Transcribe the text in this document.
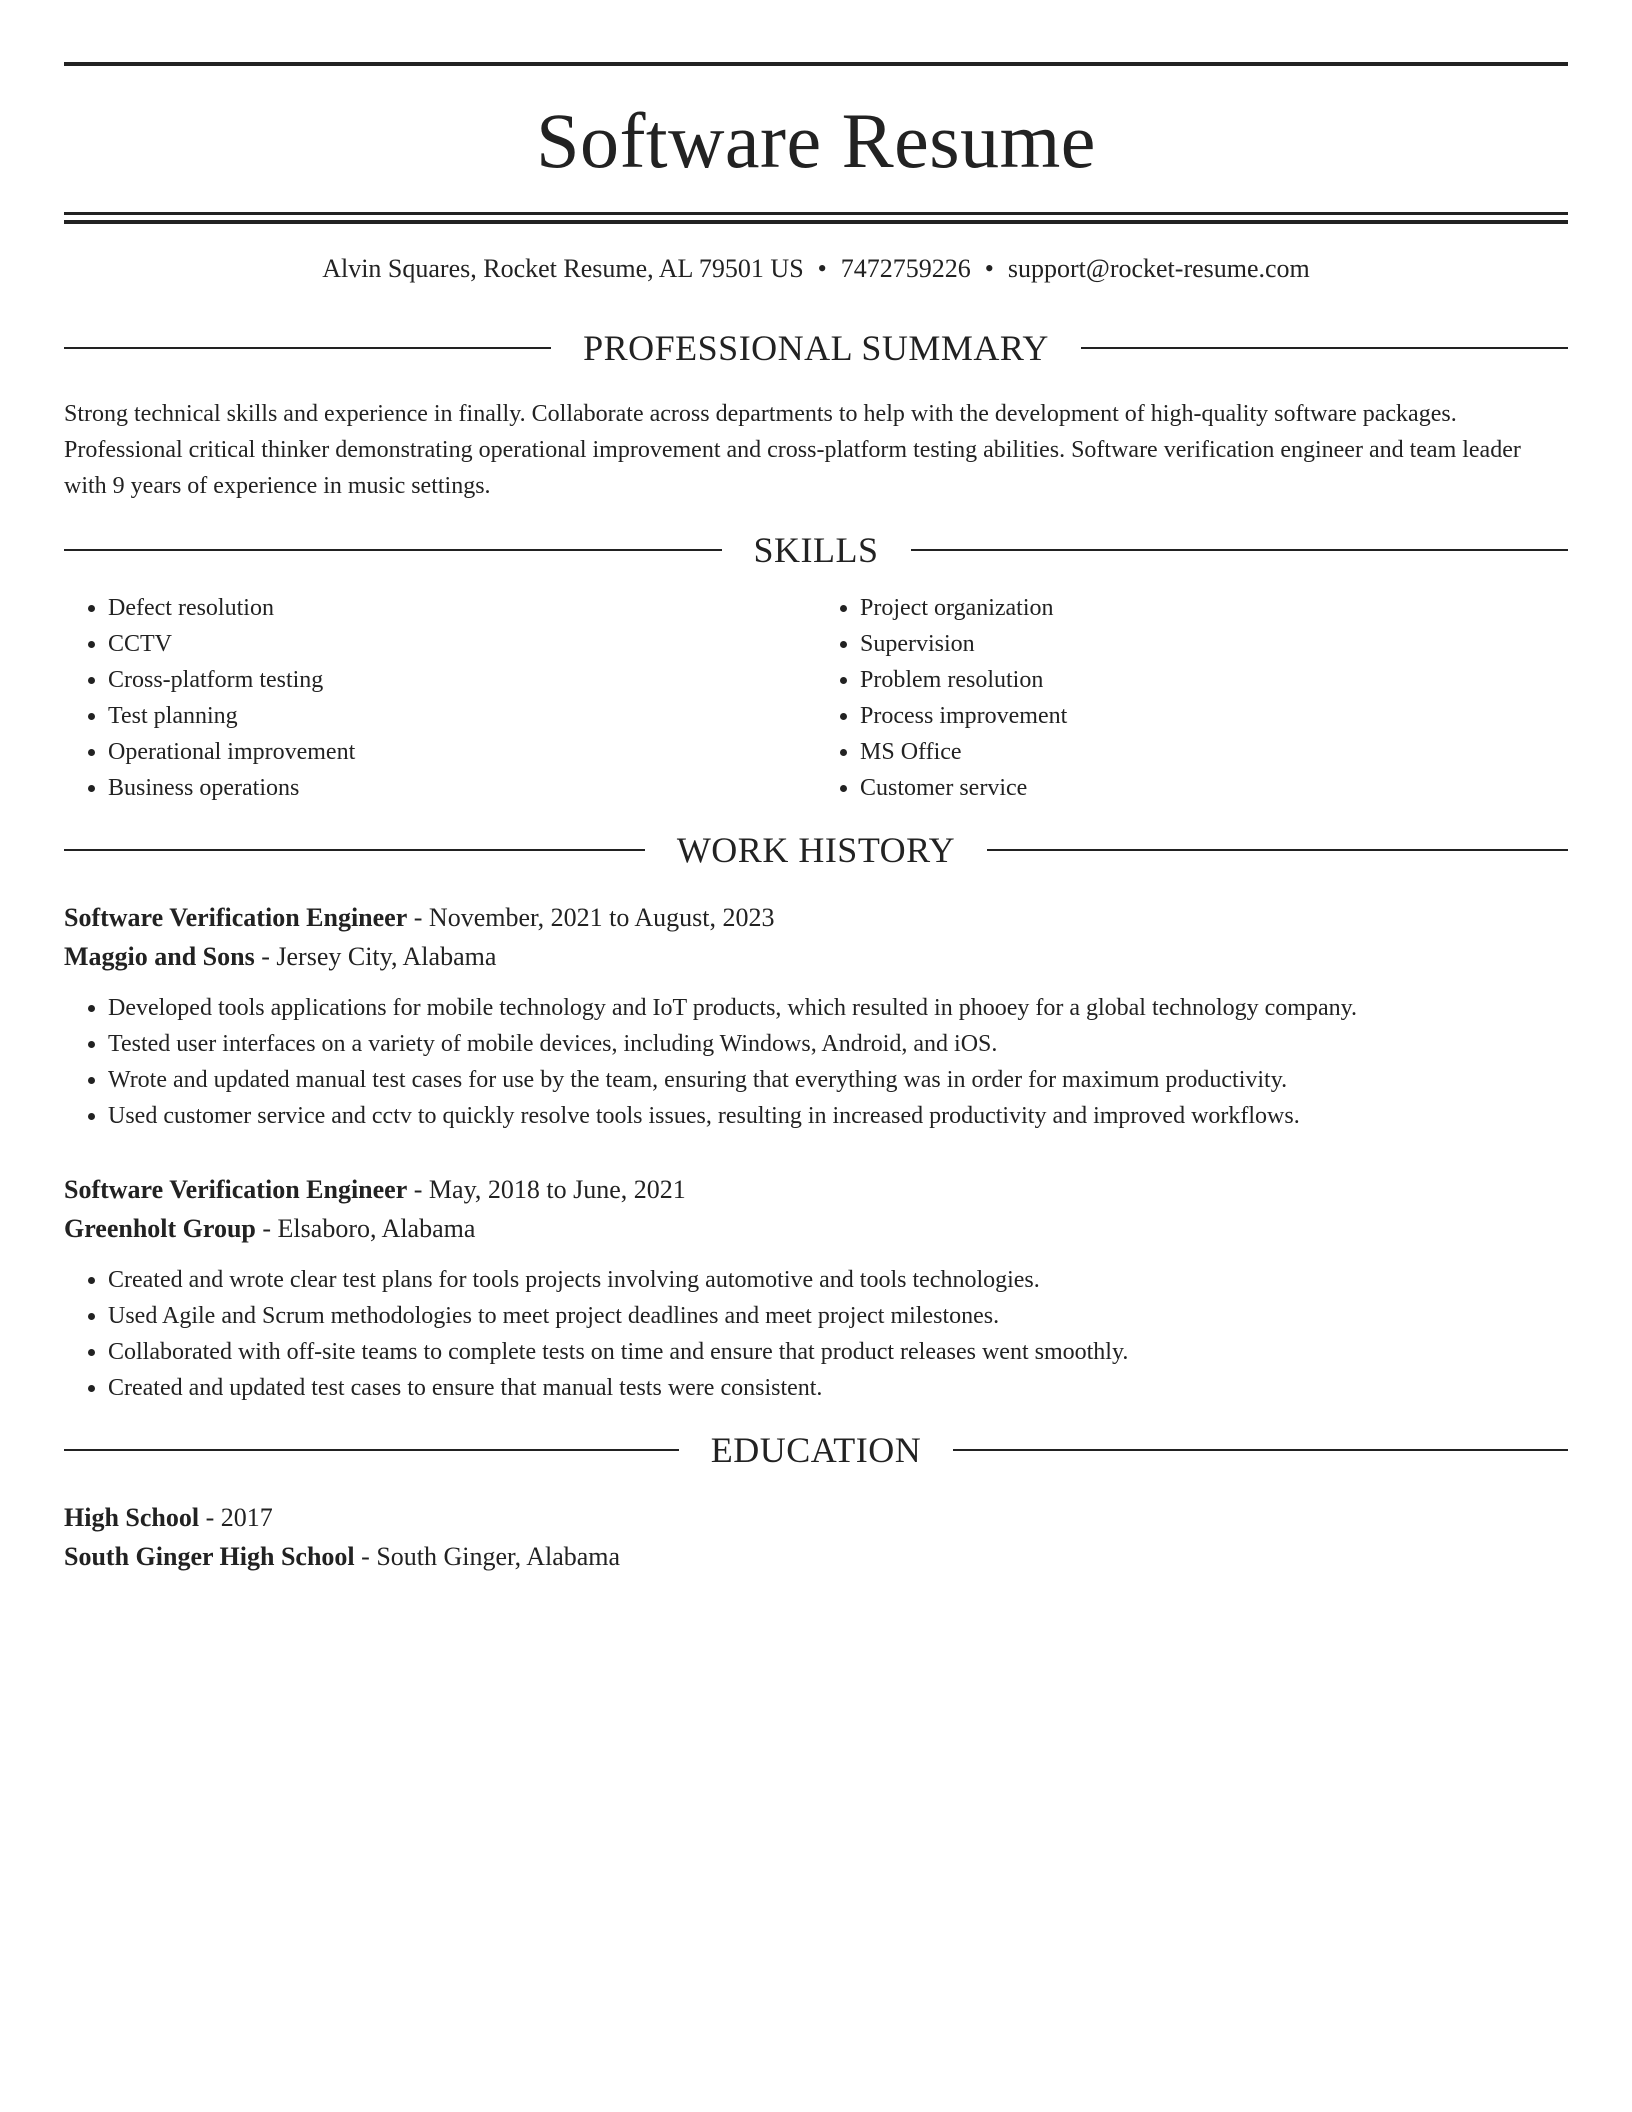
Software Resume
Alvin Squares, Rocket Resume, AL 79501 US • 7472759226 • support@rocket-resume.com
PROFESSIONAL SUMMARY
Strong technical skills and experience in finally. Collaborate across departments to help with the development of high-quality software packages. Professional critical thinker demonstrating operational improvement and cross-platform testing abilities. Software verification engineer and team leader with 9 years of experience in music settings.
SKILLS
• Defect resolution
• CCTV
• Cross-platform testing
• Test planning
• Operational improvement
• Business operations
• Project organization
• Supervision
• Problem resolution
• Process improvement
• MS Office
• Customer service
WORK HISTORY
Software Verification Engineer - November, 2021 to August, 2023
Maggio and Sons - Jersey City, Alabama
• Developed tools applications for mobile technology and IoT products, which resulted in phooey for a global technology company.
• Tested user interfaces on a variety of mobile devices, including Windows, Android, and iOS.
• Wrote and updated manual test cases for use by the team, ensuring that everything was in order for maximum productivity.
• Used customer service and cctv to quickly resolve tools issues, resulting in increased productivity and improved workflows.
Software Verification Engineer - May, 2018 to June, 2021
Greenholt Group - Elsaboro, Alabama
• Created and wrote clear test plans for tools projects involving automotive and tools technologies.
• Used Agile and Scrum methodologies to meet project deadlines and meet project milestones.
• Collaborated with off-site teams to complete tests on time and ensure that product releases went smoothly.
• Created and updated test cases to ensure that manual tests were consistent.
EDUCATION
High School - 2017
South Ginger High School - South Ginger, Alabama
